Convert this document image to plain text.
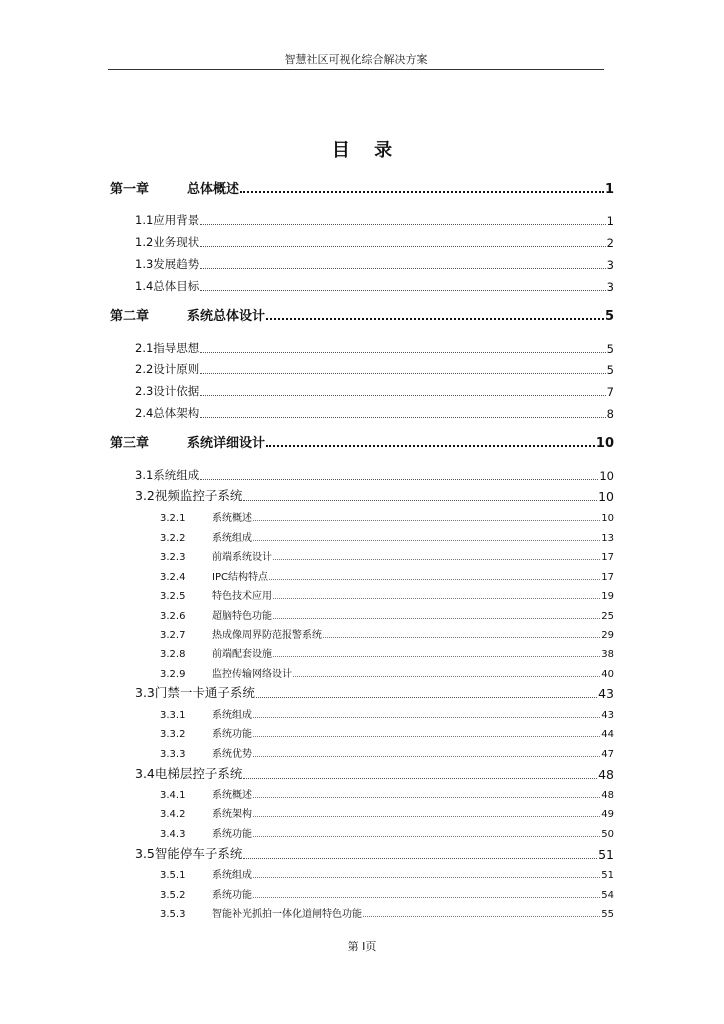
智慧社区可视化综合解决方案
目 录
第一章	总体概述	1
1.1应用背景	1
1.2业务现状	2
1.3发展趋势	3
1.4总体目标	3
第二章	系统总体设计	5
2.1指导思想	5
2.2设计原则	5
2.3设计依据	7
2.4总体架构	8
第三章	系统详细设计	10
3.1系统组成	10
3.2视频监控子系统	10
3.2.1	系统概述	10
3.2.2	系统组成	13
3.2.3	前端系统设计	17
3.2.4	IPC结构特点	17
3.2.5	特色技术应用	19
3.2.6	超脑特色功能	25
3.2.7	热成像周界防范报警系统	29
3.2.8	前端配套设施	38
3.2.9	监控传输网络设计	40
3.3门禁一卡通子系统	43
3.3.1	系统组成	43
3.3.2	系统功能	44
3.3.3	系统优势	47
3.4电梯层控子系统	48
3.4.1	系统概述	48
3.4.2	系统架构	49
3.4.3	系统功能	50
3.5智能停车子系统	51
3.5.1	系统组成	51
3.5.2	系统功能	54
3.5.3	智能补光抓拍一体化道闸特色功能	55
第 I页
